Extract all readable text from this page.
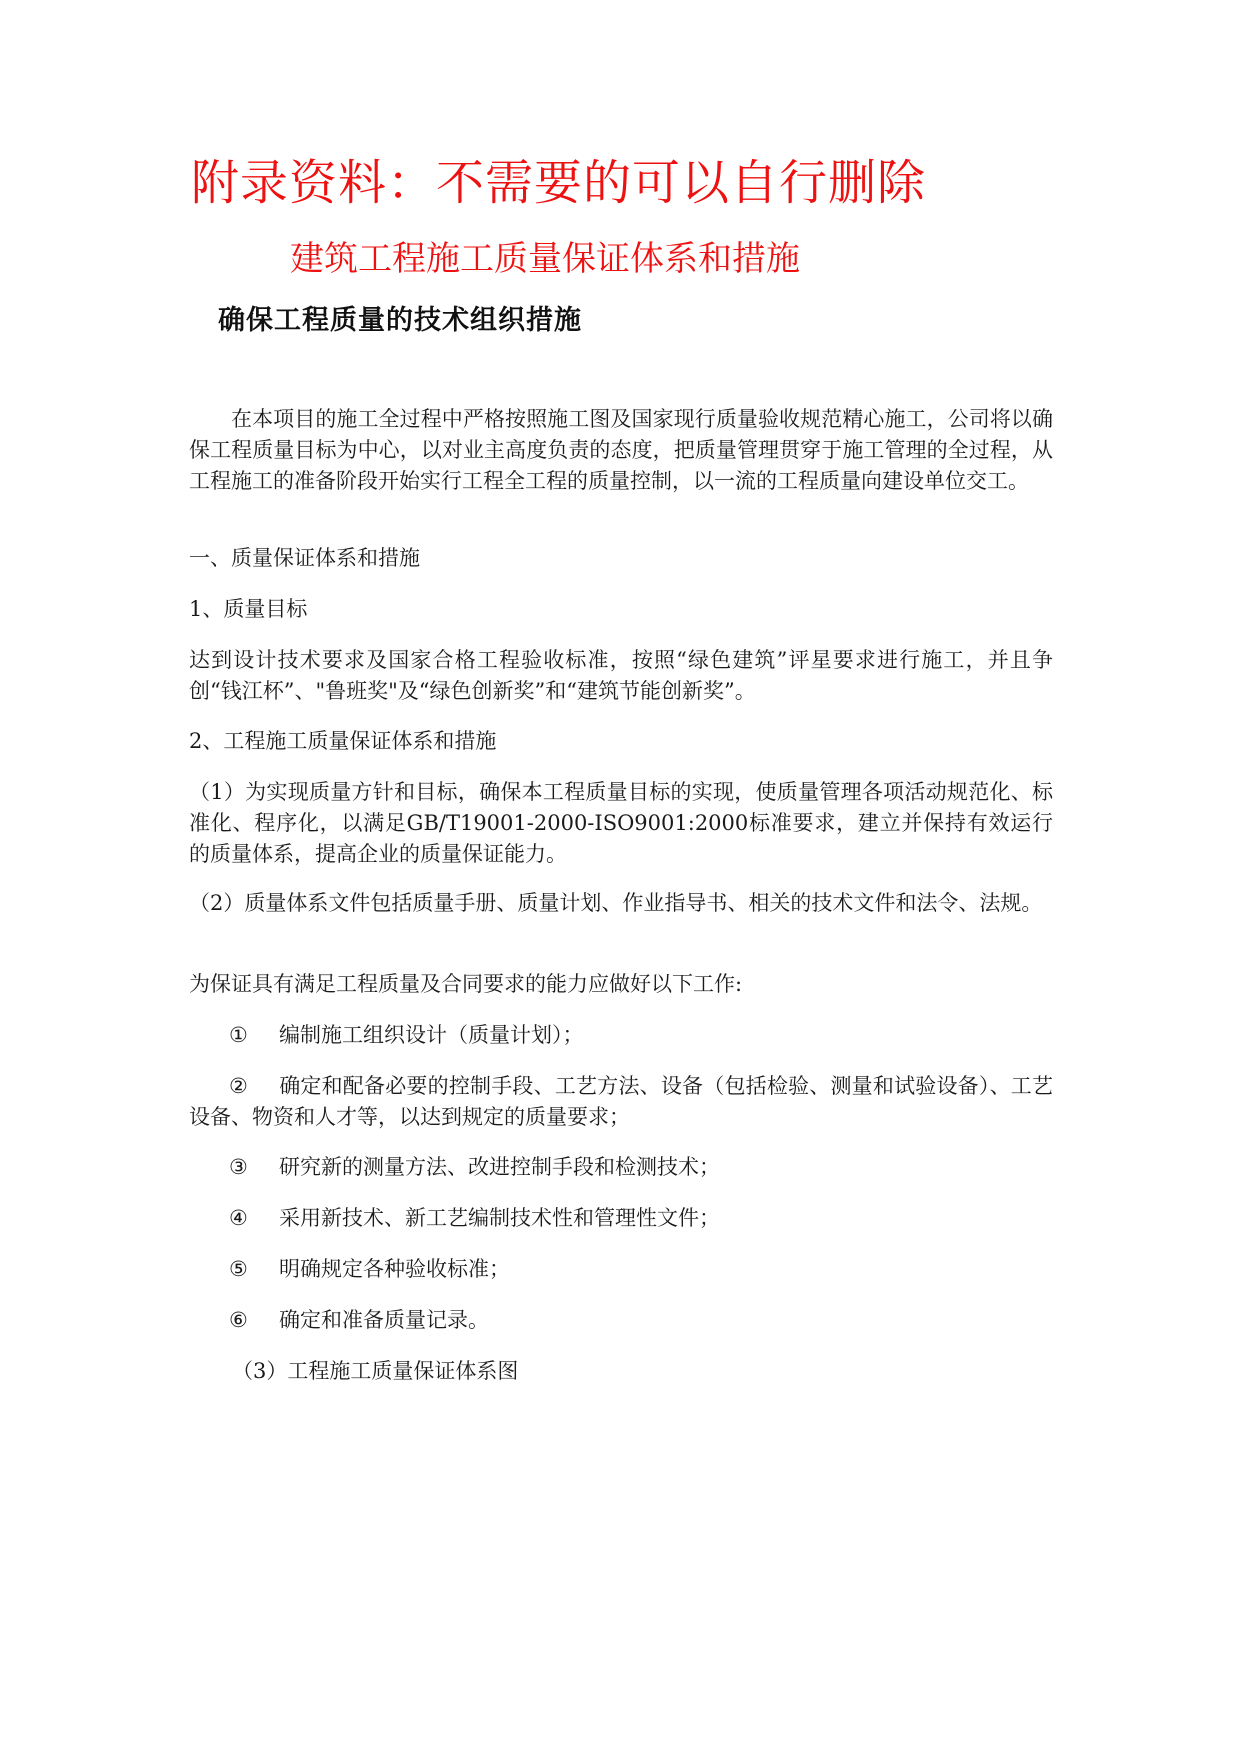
附录资料：不需要的可以自行删除
建筑工程施工质量保证体系和措施
确保工程质量的技术组织措施

在本项目的施工全过程中严格按照施工图及国家现行质量验收规范精心施工，公司将以确保工程质量目标为中心，以对业主高度负责的态度，把质量管理贯穿于施工管理的全过程，从工程施工的准备阶段开始实行工程全工程的质量控制，以一流的工程质量向建设单位交工。

一、质量保证体系和措施

1、质量目标

达到设计技术要求及国家合格工程验收标准，按照“绿色建筑”评星要求进行施工，并且争创“钱江杯”、"鲁班奖"及“绿色创新奖”和“建筑节能创新奖”。

2、工程施工质量保证体系和措施

（1）为实现质量方针和目标，确保本工程质量目标的实现，使质量管理各项活动规范化、标准化、程序化，以满足GB/T19001-2000-ISO9001:2000标准要求，建立并保持有效运行的质量体系，提高企业的质量保证能力。

（2）质量体系文件包括质量手册、质量计划、作业指导书、相关的技术文件和法令、法规。

为保证具有满足工程质量及合同要求的能力应做好以下工作:

① 编制施工组织设计（质量计划）；

② 确定和配备必要的控制手段、工艺方法、设备（包括检验、测量和试验设备）、工艺设备、物资和人才等，以达到规定的质量要求；

③ 研究新的测量方法、改进控制手段和检测技术；

④ 采用新技术、新工艺编制技术性和管理性文件；

⑤ 明确规定各种验收标准；

⑥ 确定和准备质量记录。

（3）工程施工质量保证体系图
